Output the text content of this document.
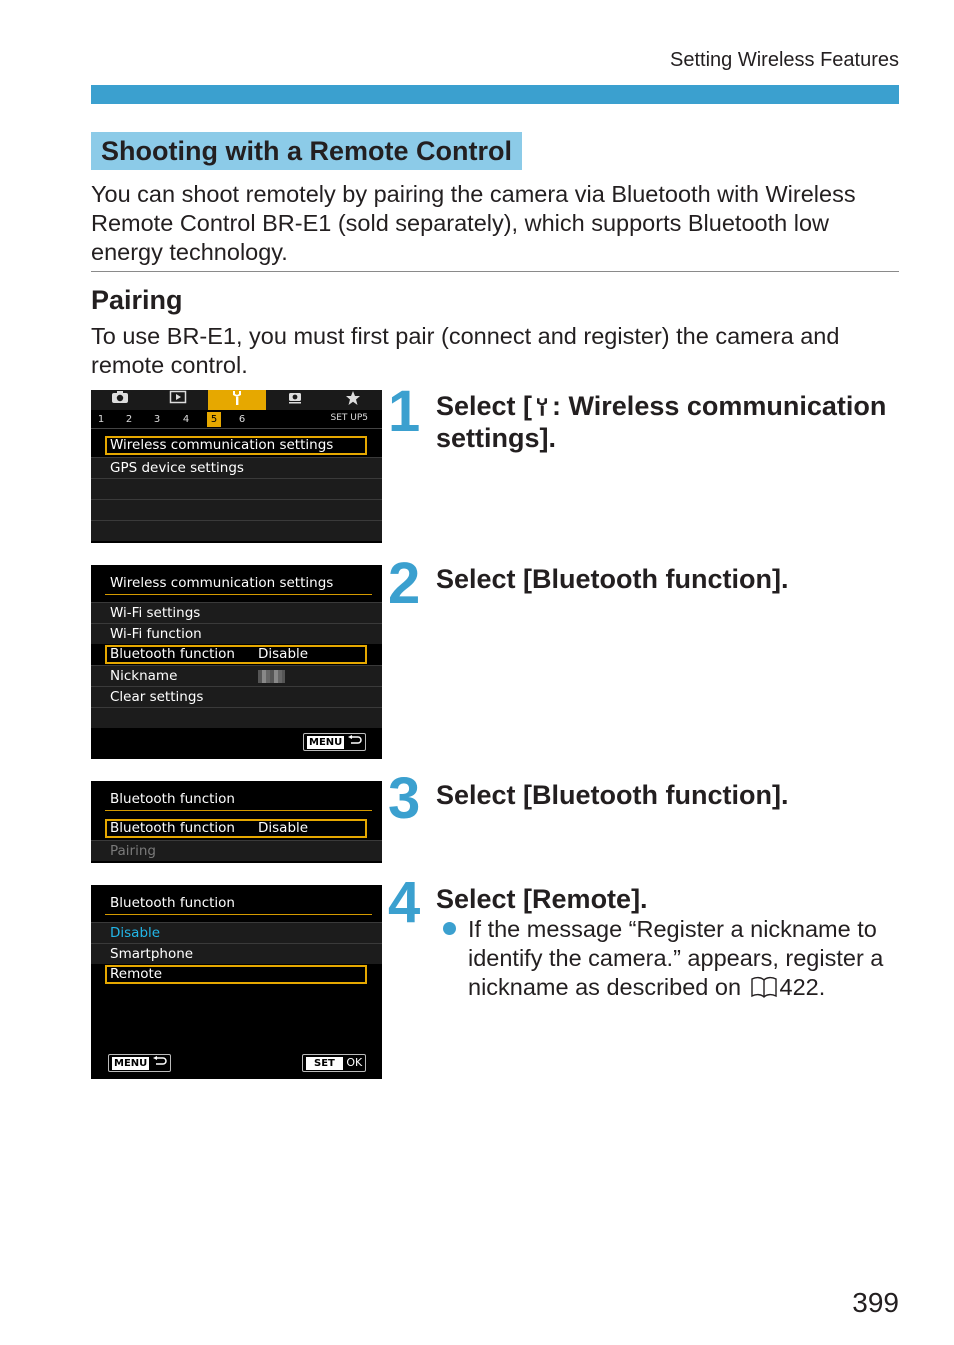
Setting Wireless Features
Shooting with a Remote Control
You can shoot remotely by pairing the camera via Bluetooth with Wireless Remote Control BR-E1 (sold separately), which supports Bluetooth low energy technology.
Pairing
To use BR-E1, you must first pair (connect and register) the camera and remote control.
1	2	3	4	5	6	SET UP5
Wireless communication settings
GPS device settings
Wireless communication settings
Wi-Fi settings
Wi-Fi function
Bluetooth function Disable
Nickname
Clear settings
MENU
Bluetooth function
Bluetooth function Disable
Pairing
Bluetooth function
Disable
Smartphone
Remote
MENU	SET OK
1 Select [ : Wireless communication settings].
2 Select [Bluetooth function].
3 Select [Bluetooth function].
4 Select [Remote].
If the message “Register a nickname to identify the camera.” appears, register a nickname as described on 422.
399
